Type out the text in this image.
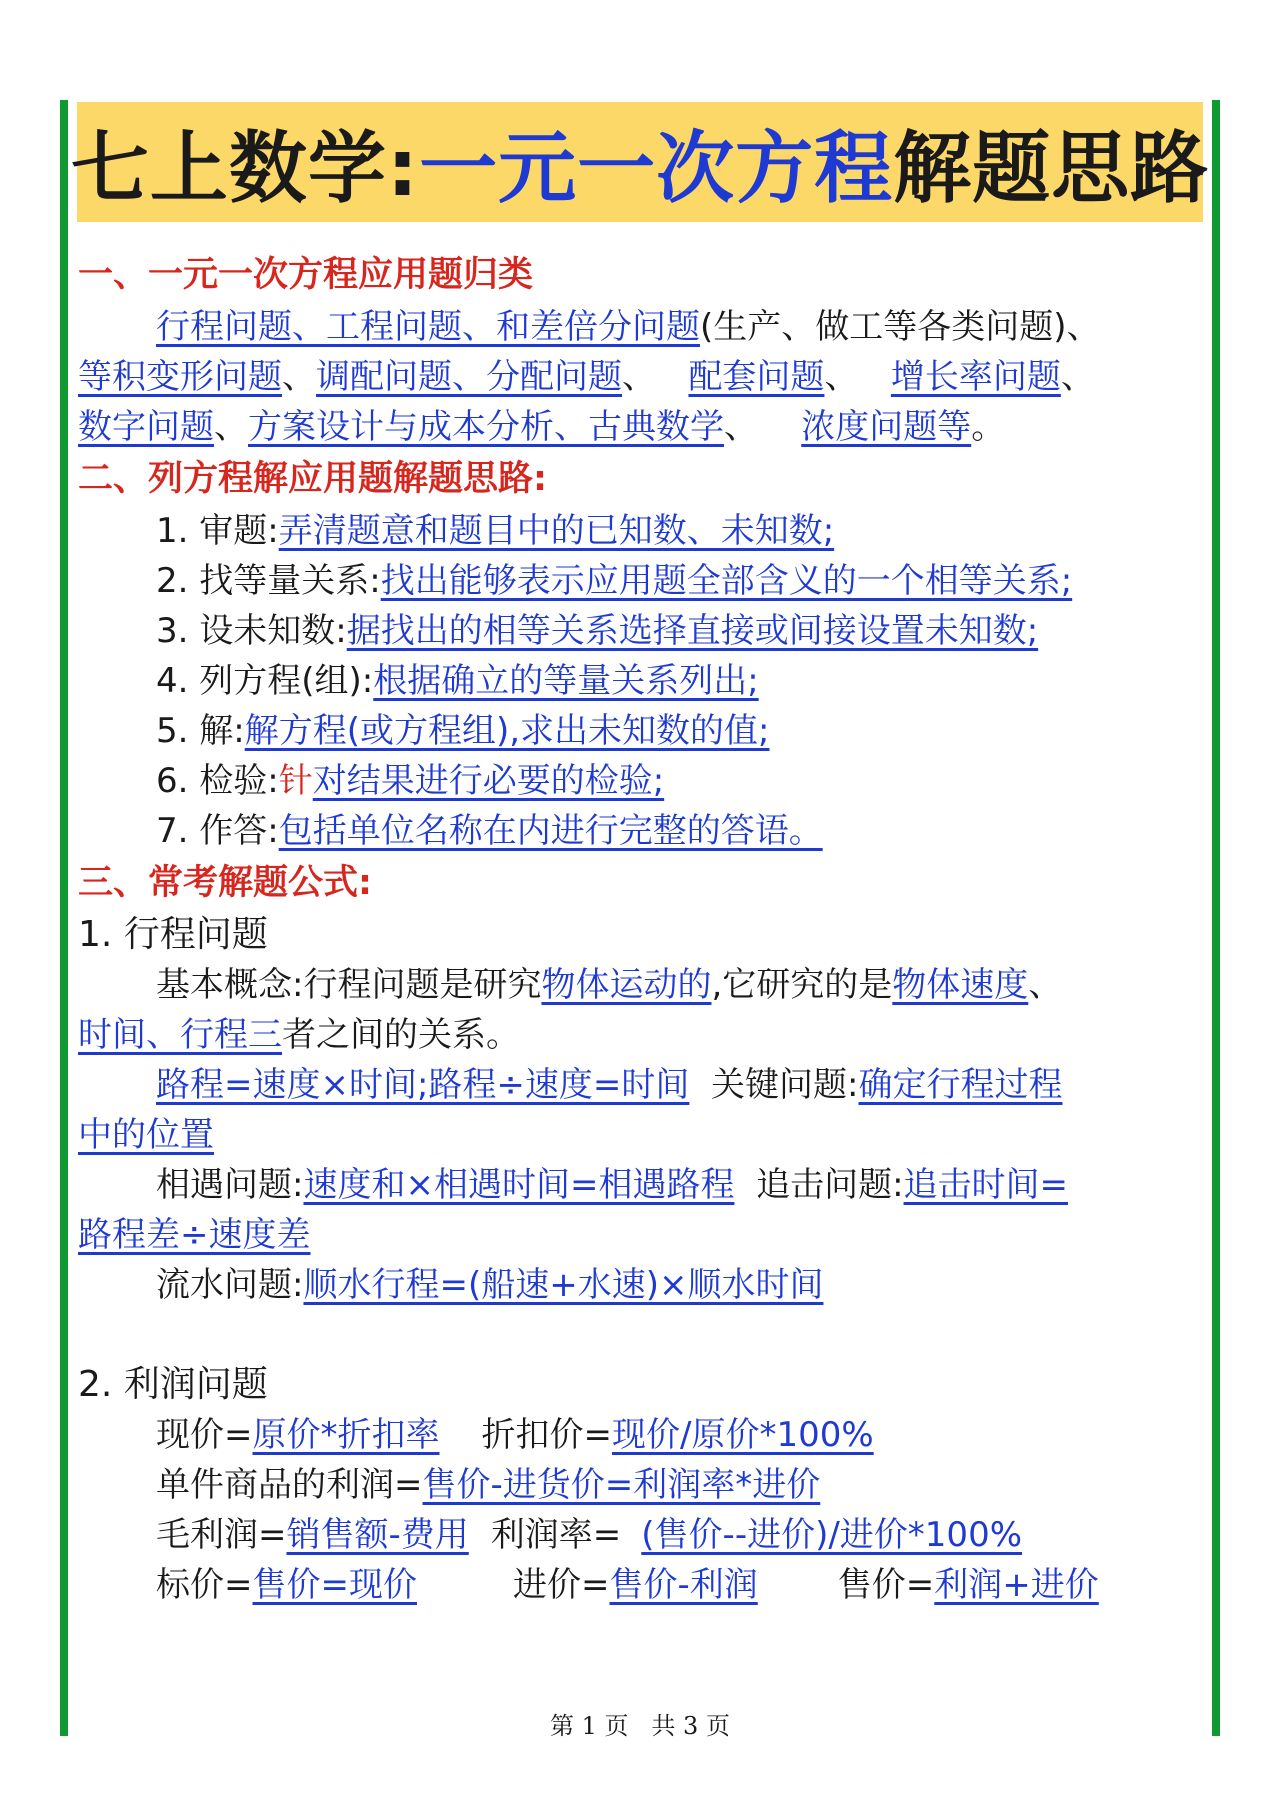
七上数学: 一元一次方程 解题思路
一、一元一次方程应用题归类
行程问题、工程问题、和差倍分问题(生产、做工等各类问题)、
等积变形问题、调配问题、分配问题、 配套问题、 增长率问题、
数字问题、方案设计与成本分析、古典数学、 浓度问题等。
二、列方程解应用题解题思路:
1. 审题:弄清题意和题目中的已知数、未知数;
2. 找等量关系:找出能够表示应用题全部含义的一个相等关系;
3. 设未知数:据找出的相等关系选择直接或间接设置未知数;
4. 列方程(组):根据确立的等量关系列出;
5. 解:解方程(或方程组),求出未知数的值;
6. 检验:针对结果进行必要的检验;
7. 作答:包括单位名称在内进行完整的答语。
三、常考解题公式:
1. 行程问题
基本概念:行程问题是研究物体运动的,它研究的是物体速度、
时间、行程三者之间的关系。
路程=速度×时间;路程÷速度=时间  关键问题:确定行程过程
中的位置
相遇问题:速度和×相遇时间=相遇路程  追击问题:追击时间=
路程差÷速度差
流水问题:顺水行程=(船速+水速)×顺水时间
2. 利润问题
现价=原价*折扣率 折扣价=现价/原价*100%
单件商品的利润=售价-进货价=利润率*进价
毛利润=销售额-费用 利润率= (售价--进价)/进价*100%
标价=售价=现价	进价=售价-利润 售价=利润+进价
第 1 页   共 3 页
